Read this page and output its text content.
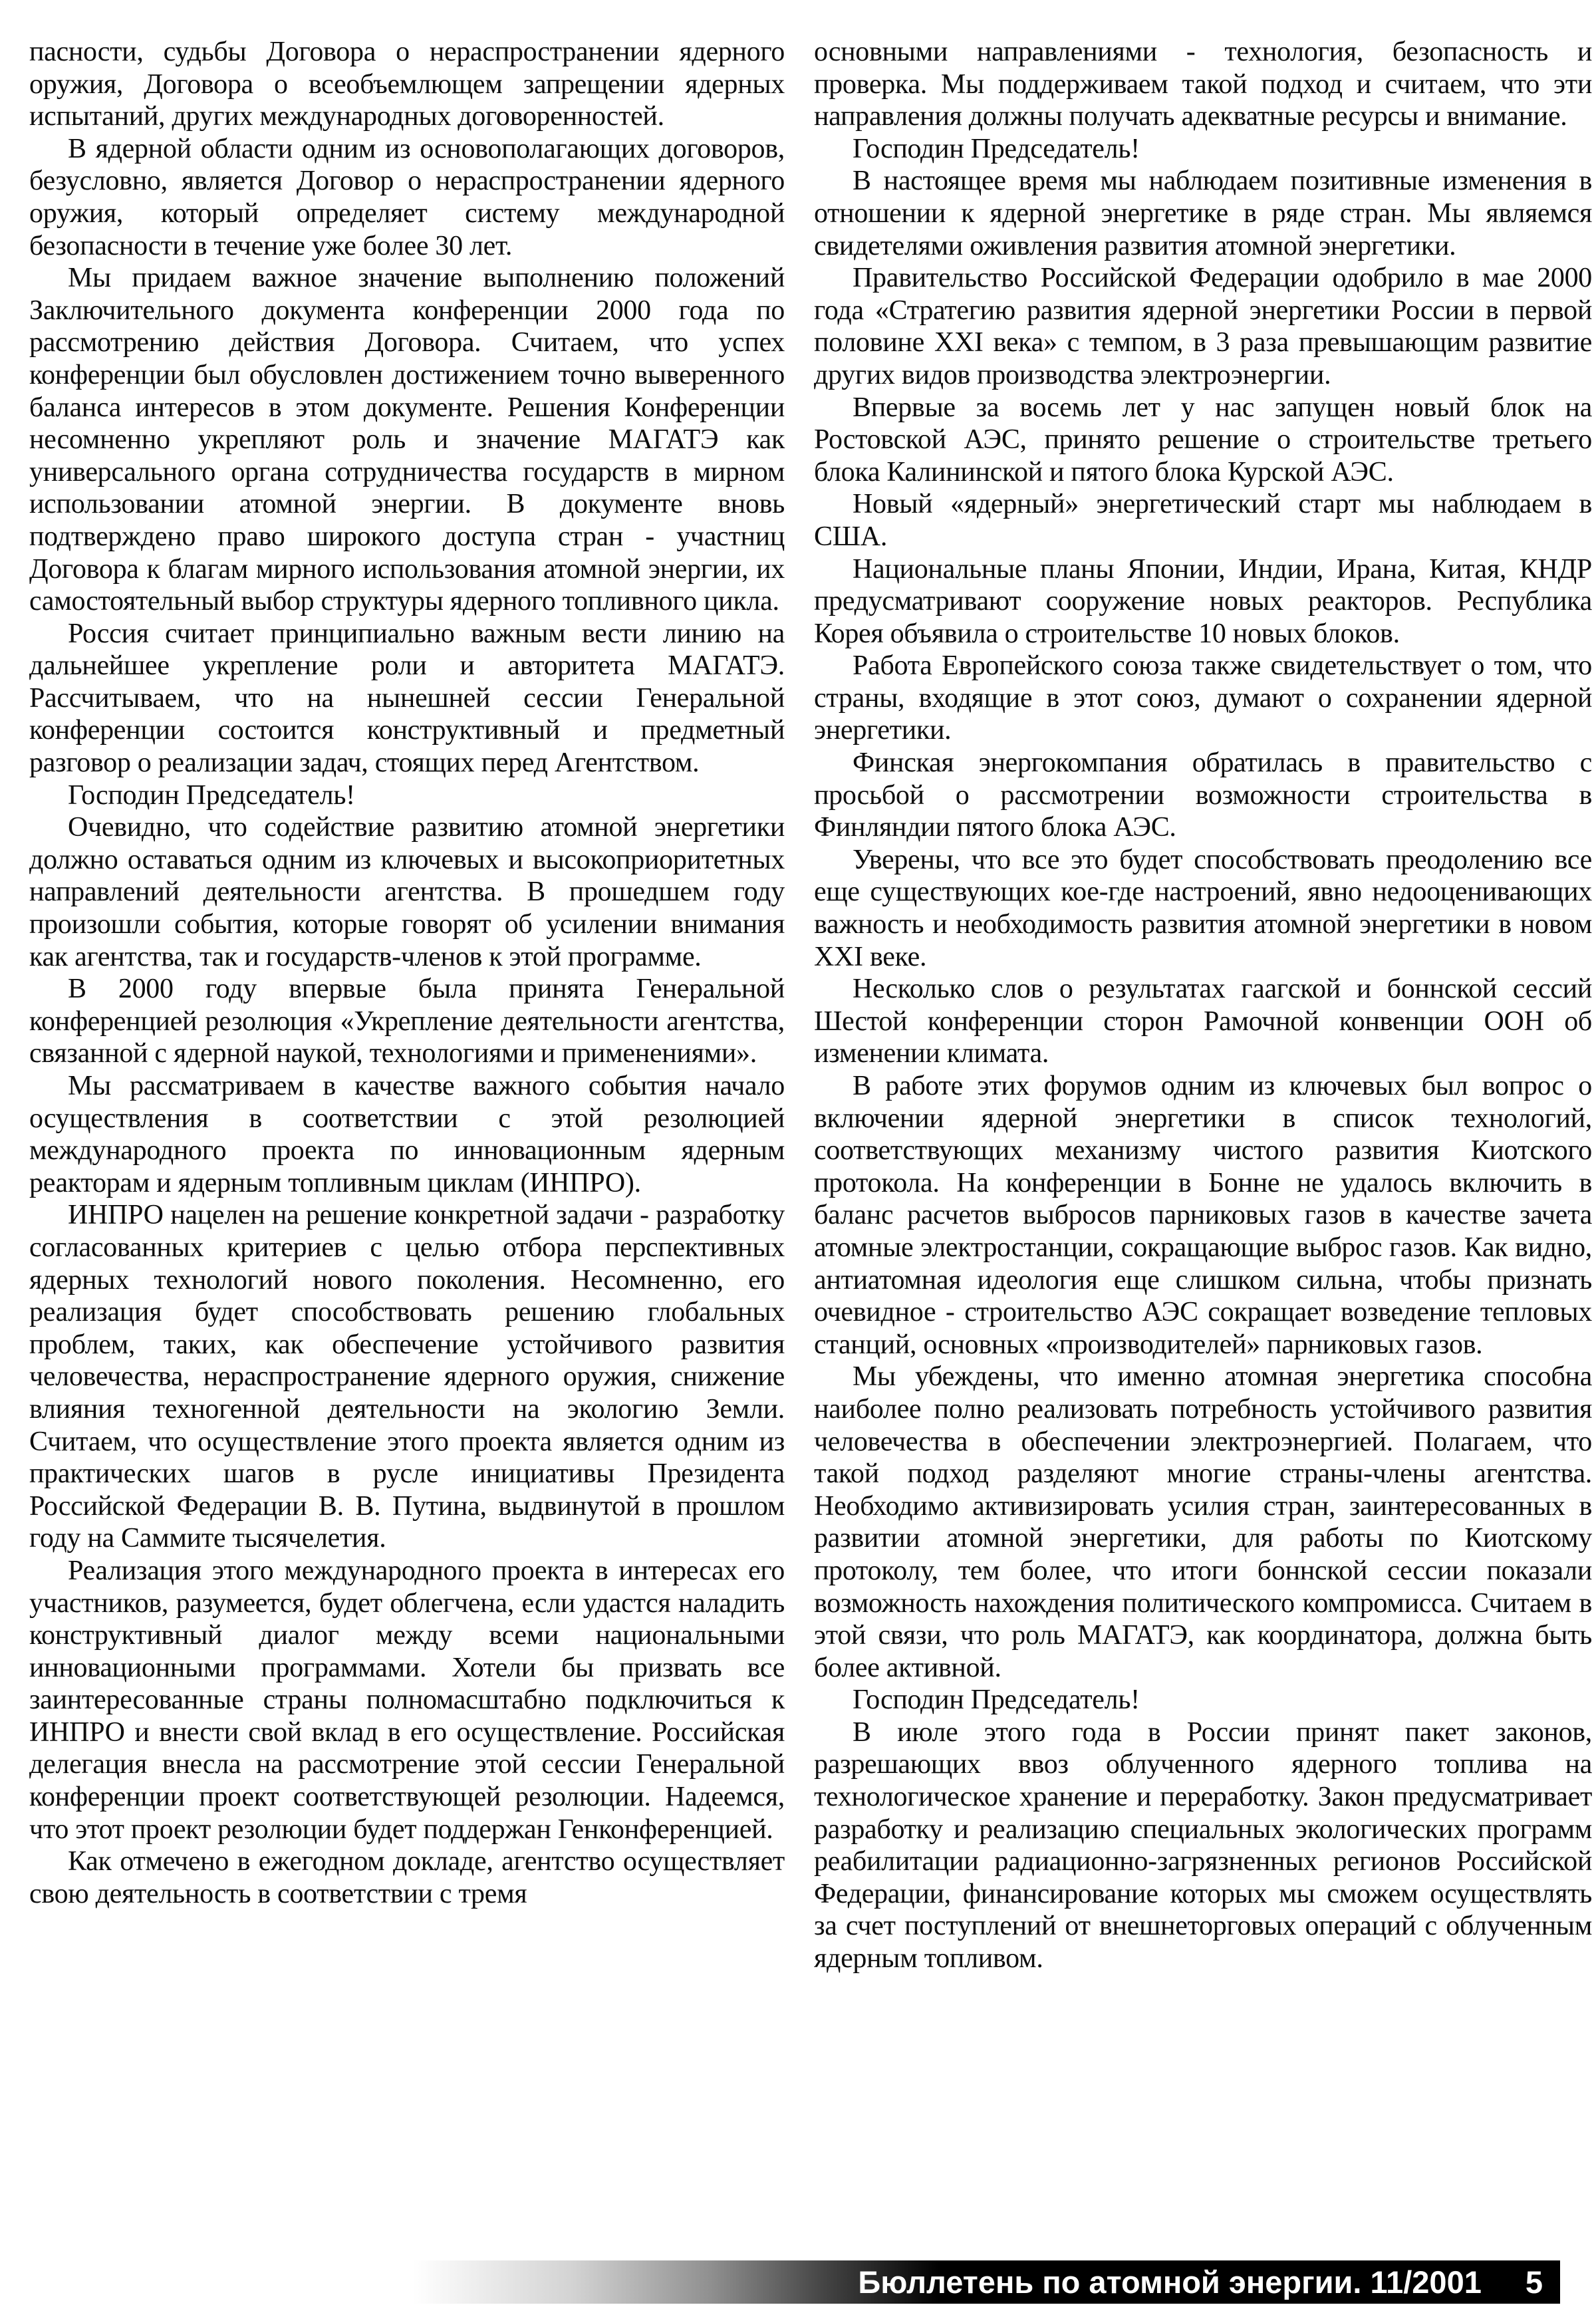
пасности, судьбы Договора о нераспространении ядерного оружия, Договора о всеобъемлющем запрещении ядерных испытаний, других международных договоренностей.

В ядерной области одним из основополагающих договоров, безусловно, является Договор о нераспространении ядерного оружия, который определяет систему международной безопасности в течение уже более 30 лет.

Мы придаем важное значение выполнению положений Заключительного документа конференции 2000 года по рассмотрению действия Договора. Считаем, что успех конференции был обусловлен достижением точно выверенного баланса интересов в этом документе. Решения Конференции несомненно укрепляют роль и значение МАГАТЭ как универсального органа сотрудничества государств в мирном использовании атомной энергии. В документе вновь подтверждено право широкого доступа стран - участниц Договора к благам мирного использования атомной энергии, их самостоятельный выбор структуры ядерного топливного цикла.

Россия считает принципиально важным вести линию на дальнейшее укрепление роли и авторитета МАГАТЭ. Рассчитываем, что на нынешней сессии Генеральной конференции состоится конструктивный и предметный разговор о реализации задач, стоящих перед Агентством.

Господин Председатель!

Очевидно, что содействие развитию атомной энергетики должно оставаться одним из ключевых и высокоприоритетных направлений деятельности агентства. В прошедшем году произошли события, которые говорят об усилении внимания как агентства, так и государств-членов к этой программе.

В 2000 году впервые была принята Генеральной конференцией резолюция «Укрепление деятельности агентства, связанной с ядерной наукой, технологиями и применениями».

Мы рассматриваем в качестве важного события начало осуществления в соответствии с этой резолюцией международного проекта по инновационным ядерным реакторам и ядерным топливным циклам (ИНПРО).

ИНПРО нацелен на решение конкретной задачи - разработку согласованных критериев с целью отбора перспективных ядерных технологий нового поколения. Несомненно, его реализация будет способствовать решению глобальных проблем, таких, как обеспечение устойчивого развития человечества, нераспространение ядерного оружия, снижение влияния техногенной деятельности на экологию Земли. Считаем, что осуществление этого проекта является одним из практических шагов в русле инициативы Президента Российской Федерации В. В. Путина, выдвинутой в прошлом году на Саммите тысячелетия.

Реализация этого международного проекта в интересах его участников, разумеется, будет облегчена, если удастся наладить конструктивный диалог между всеми национальными инновационными программами. Хотели бы призвать все заинтересованные страны полномасштабно подключиться к ИНПРО и внести свой вклад в его осуществление. Российская делегация внесла на рассмотрение этой сессии Генеральной конференции проект соответствующей резолюции. Надеемся, что этот проект резолюции будет поддержан Генконференцией.

Как отмечено в ежегодном докладе, агентство осуществляет свою деятельность в соответствии с тремя

основными направлениями - технология, безопасность и проверка. Мы поддерживаем такой подход и считаем, что эти направления должны получать адекватные ресурсы и внимание.

Господин Председатель!

В настоящее время мы наблюдаем позитивные изменения в отношении к ядерной энергетике в ряде стран. Мы являемся свидетелями оживления развития атомной энергетики.

Правительство Российской Федерации одобрило в мае 2000 года «Стратегию развития ядерной энергетики России в первой половине XXI века» с темпом, в 3 раза превышающим развитие других видов производства электроэнергии.

Впервые за восемь лет у нас запущен новый блок на Ростовской АЭС, принято решение о строительстве третьего блока Калининской и пятого блока Курской АЭС.

Новый «ядерный» энергетический старт мы наблюдаем в США.

Национальные планы Японии, Индии, Ирана, Китая, КНДР предусматривают сооружение новых реакторов. Республика Корея объявила о строительстве 10 новых блоков.

Работа Европейского союза также свидетельствует о том, что страны, входящие в этот союз, думают о сохранении ядерной энергетики.

Финская энергокомпания обратилась в правительство с просьбой о рассмотрении возможности строительства в Финляндии пятого блока АЭС.

Уверены, что все это будет способствовать преодолению все еще существующих кое-где настроений, явно недооценивающих важность и необходимость развития атомной энергетики в новом XXI веке.

Несколько слов о результатах гаагской и боннской сессий Шестой конференции сторон Рамочной конвенции ООН об изменении климата.

В работе этих форумов одним из ключевых был вопрос о включении ядерной энергетики в список технологий, соответствующих механизму чистого развития Киотского протокола. На конференции в Бонне не удалось включить в баланс расчетов выбросов парниковых газов в качестве зачета атомные электростанции, сокращающие выброс газов. Как видно, антиатомная идеология еще слишком сильна, чтобы признать очевидное - строительство АЭС сокращает возведение тепловых станций, основных «производителей» парниковых газов.

Мы убеждены, что именно атомная энергетика способна наиболее полно реализовать потребность устойчивого развития человечества в обеспечении электроэнергией. Полагаем, что такой подход разделяют многие страны-члены агентства. Необходимо активизировать усилия стран, заинтересованных в развитии атомной энергетики, для работы по Киотскому протоколу, тем более, что итоги боннской сессии показали возможность нахождения политического компромисса. Считаем в этой связи, что роль МАГАТЭ, как координатора, должна быть более активной.

Господин Председатель!

В июле этого года в России принят пакет законов, разрешающих ввоз облученного ядерного топлива на технологическое хранение и переработку. Закон предусматривает разработку и реализацию специальных экологических программ реабилитации радиационно-загрязненных регионов Российской Федерации, финансирование которых мы сможем осуществлять за счет поступлений от внешнеторговых операций с облученным ядерным топливом.

Бюллетень по атомной энергии. 11/2001 5
